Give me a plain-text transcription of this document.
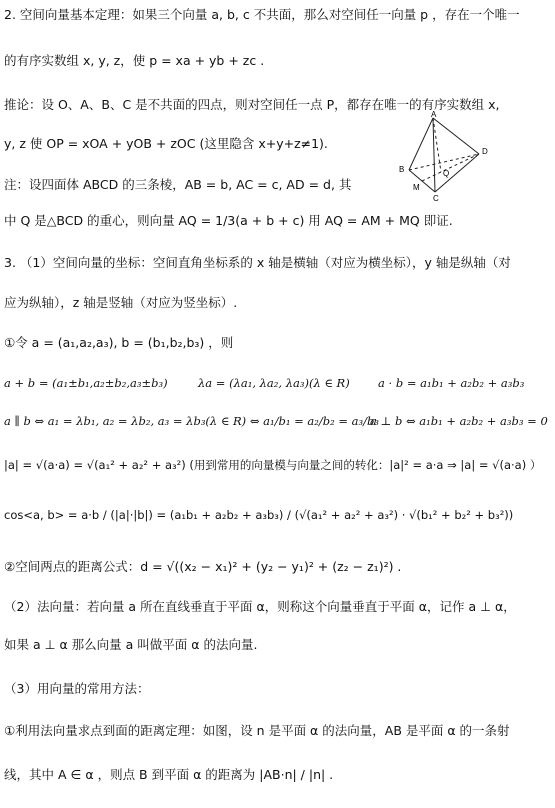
2. 空间向量基本定理：如果三个向量 a, b, c 不共面，那么对空间任一向量 p ，存在一个唯一
的有序实数组 x, y, z，使 p = xa + yb + zc .
推论：设 O、A、B、C 是不共面的四点，则对空间任一点 P，都存在唯一的有序实数组 x,
y, z 使 OP = xOA + yOB + zOC (这里隐含 x+y+z≠1).
注：设四面体 ABCD 的三条棱，AB = b, AC = c, AD = d, 其
中 Q 是△BCD 的重心，则向量 AQ = 1/3(a + b + c) 用 AQ = AM + MQ 即证.
A
D
B
M
Q
C
3. （1）空间向量的坐标：空间直角坐标系的 x 轴是横轴（对应为横坐标），y 轴是纵轴（对
应为纵轴），z 轴是竖轴（对应为竖坐标）.
①令 a = (a₁,a₂,a₃), b = (b₁,b₂,b₃) ，则
a + b = (a₁±b₁,a₂±b₂,a₃±b₃)	λa = (λa₁, λa₂, λa₃)(λ ∈ R) a · b = a₁b₁ + a₂b₂ + a₃b₃
a ∥ b ⇔ a₁ = λb₁, a₂ = λb₂, a₃ = λb₃(λ ∈ R) ⇔ a₁/b₁ = a₂/b₂ = a₃/b₃
a ⊥ b ⇔ a₁b₁ + a₂b₂ + a₃b₃ = 0
|a| = √(a·a) = √(a₁² + a₂² + a₃²) (用到常用的向量模与向量之间的转化：|a|² = a·a ⇒ |a| = √(a·a) ）
cos<a, b> = a·b / (|a|·|b|) = (a₁b₁ + a₂b₂ + a₃b₃) / (√(a₁² + a₂² + a₃²) · √(b₁² + b₂² + b₃²))
②空间两点的距离公式：d = √((x₂ − x₁)² + (y₂ − y₁)² + (z₂ − z₁)²) .
（2）法向量：若向量 a 所在直线垂直于平面 α，则称这个向量垂直于平面 α，记作 a ⊥ α，
如果 a ⊥ α 那么向量 a 叫做平面 α 的法向量.
（3）用向量的常用方法：
①利用法向量求点到面的距离定理：如图，设 n 是平面 α 的法向量，AB 是平面 α 的一条射
线，其中 A ∈ α ，则点 B 到平面 α 的距离为 |AB·n| / |n| .
